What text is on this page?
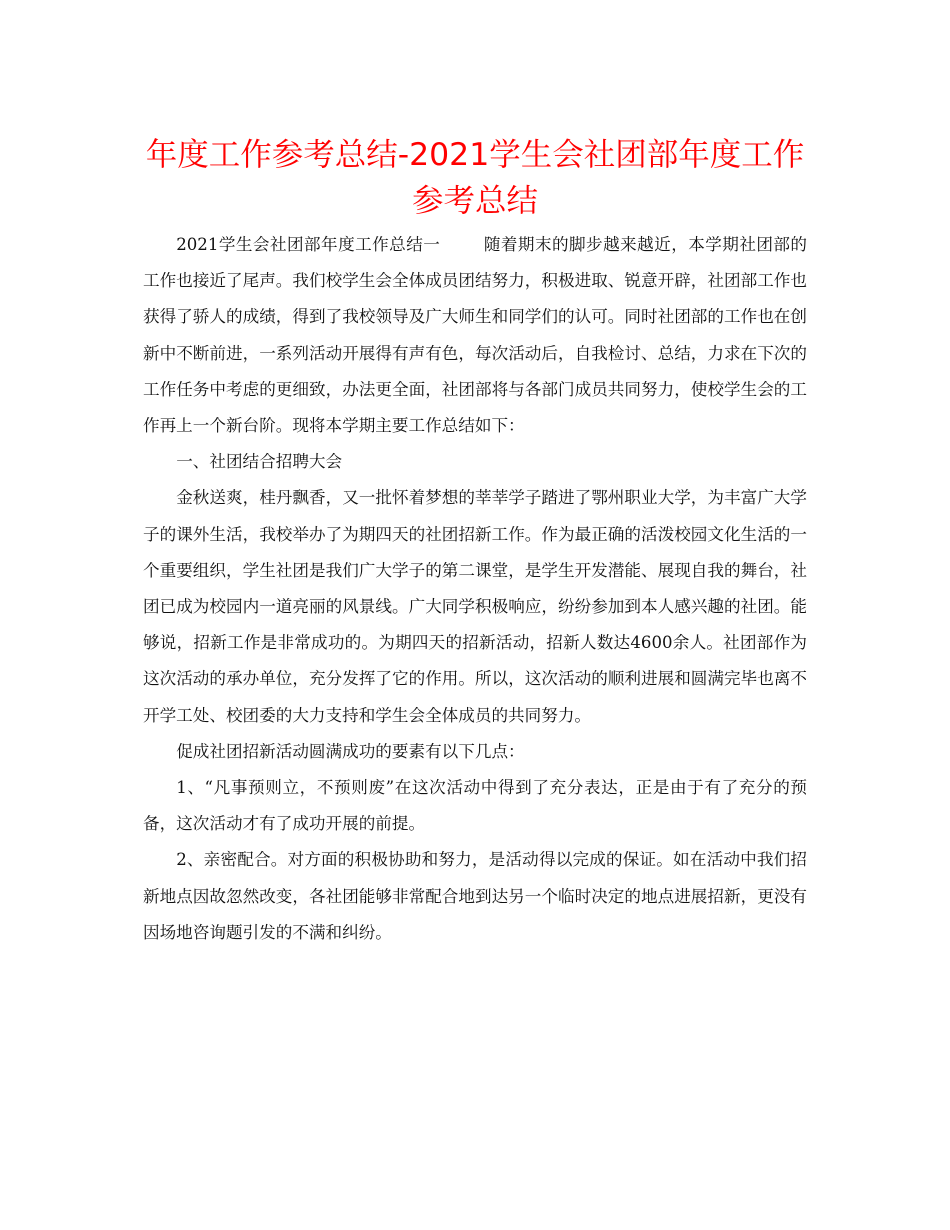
年度工作参考总结-2021学生会社团部年度工作参考总结

2021学生会社团部年度工作总结一	随着期末的脚步越来越近，本学期社团部的工作也接近了尾声。我们校学生会全体成员团结努力，积极进取、锐意开辟，社团部工作也获得了骄人的成绩，得到了我校领导及广大师生和同学们的认可。同时社团部的工作也在创新中不断前进，一系列活动开展得有声有色，每次活动后，自我检讨、总结，力求在下次的工作任务中考虑的更细致，办法更全面，社团部将与各部门成员共同努力，使校学生会的工作再上一个新台阶。现将本学期主要工作总结如下：

一、社团结合招聘大会

金秋送爽，桂丹飘香，又一批怀着梦想的莘莘学子踏进了鄂州职业大学，为丰富广大学子的课外生活，我校举办了为期四天的社团招新工作。作为最正确的活泼校园文化生活的一个重要组织，学生社团是我们广大学子的第二课堂，是学生开发潜能、展现自我的舞台，社团已成为校园内一道亮丽的风景线。广大同学积极响应，纷纷参加到本人感兴趣的社团。能够说，招新工作是非常成功的。为期四天的招新活动，招新人数达4600余人。社团部作为这次活动的承办单位，充分发挥了它的作用。所以，这次活动的顺利进展和圆满完毕也离不开学工处、校团委的大力支持和学生会全体成员的共同努力。

促成社团招新活动圆满成功的要素有以下几点：

1、“凡事预则立，不预则废”在这次活动中得到了充分表达，正是由于有了充分的预备，这次活动才有了成功开展的前提。

2、亲密配合。对方面的积极协助和努力，是活动得以完成的保证。如在活动中我们招新地点因故忽然改变，各社团能够非常配合地到达另一个临时决定的地点进展招新，更没有因场地咨询题引发的不满和纠纷。
